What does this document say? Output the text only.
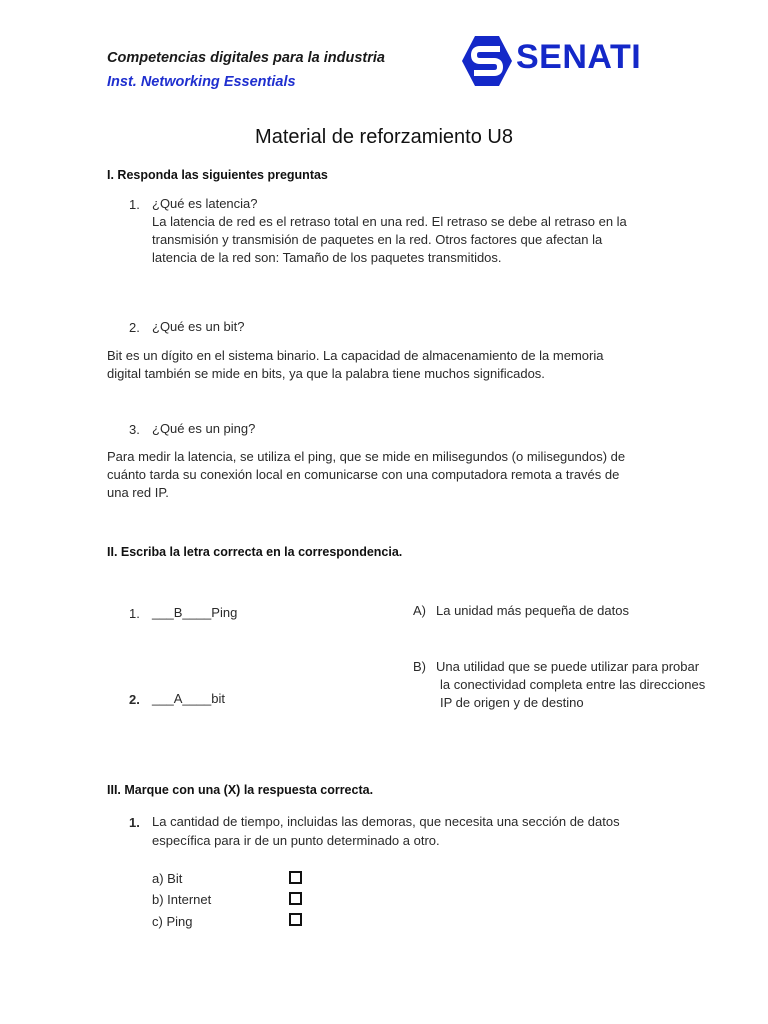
Competencias digitales para la industria
Inst. Networking Essentials
SENATI
Material de reforzamiento U8
I. Responda las siguientes preguntas
1. ¿Qué es latencia?
La latencia de red es el retraso total en una red. El retraso se debe al retraso en la
transmisión y transmisión de paquetes en la red. Otros factores que afectan la
latencia de la red son: Tamaño de los paquetes transmitidos.
2. ¿Qué es un bit?
Bit es un dígito en el sistema binario. La capacidad de almacenamiento de la memoria
digital también se mide en bits, ya que la palabra tiene muchos significados.
3. ¿Qué es un ping?
Para medir la latencia, se utiliza el ping, que se mide en milisegundos (o milisegundos) de
cuánto tarda su conexión local en comunicarse con una computadora remota a través de
una red IP.
II. Escriba la letra correcta en la correspondencia.
1. ___B____Ping
2. ___A____bit
A) La unidad más pequeña de datos
B) Una utilidad que se puede utilizar para probar
la conectividad completa entre las direcciones
IP de origen y de destino
III. Marque con una (X) la respuesta correcta.
1. La cantidad de tiempo, incluidas las demoras, que necesita una sección de datos
específica para ir de un punto determinado a otro.
a) Bit
b) Internet
c) Ping
